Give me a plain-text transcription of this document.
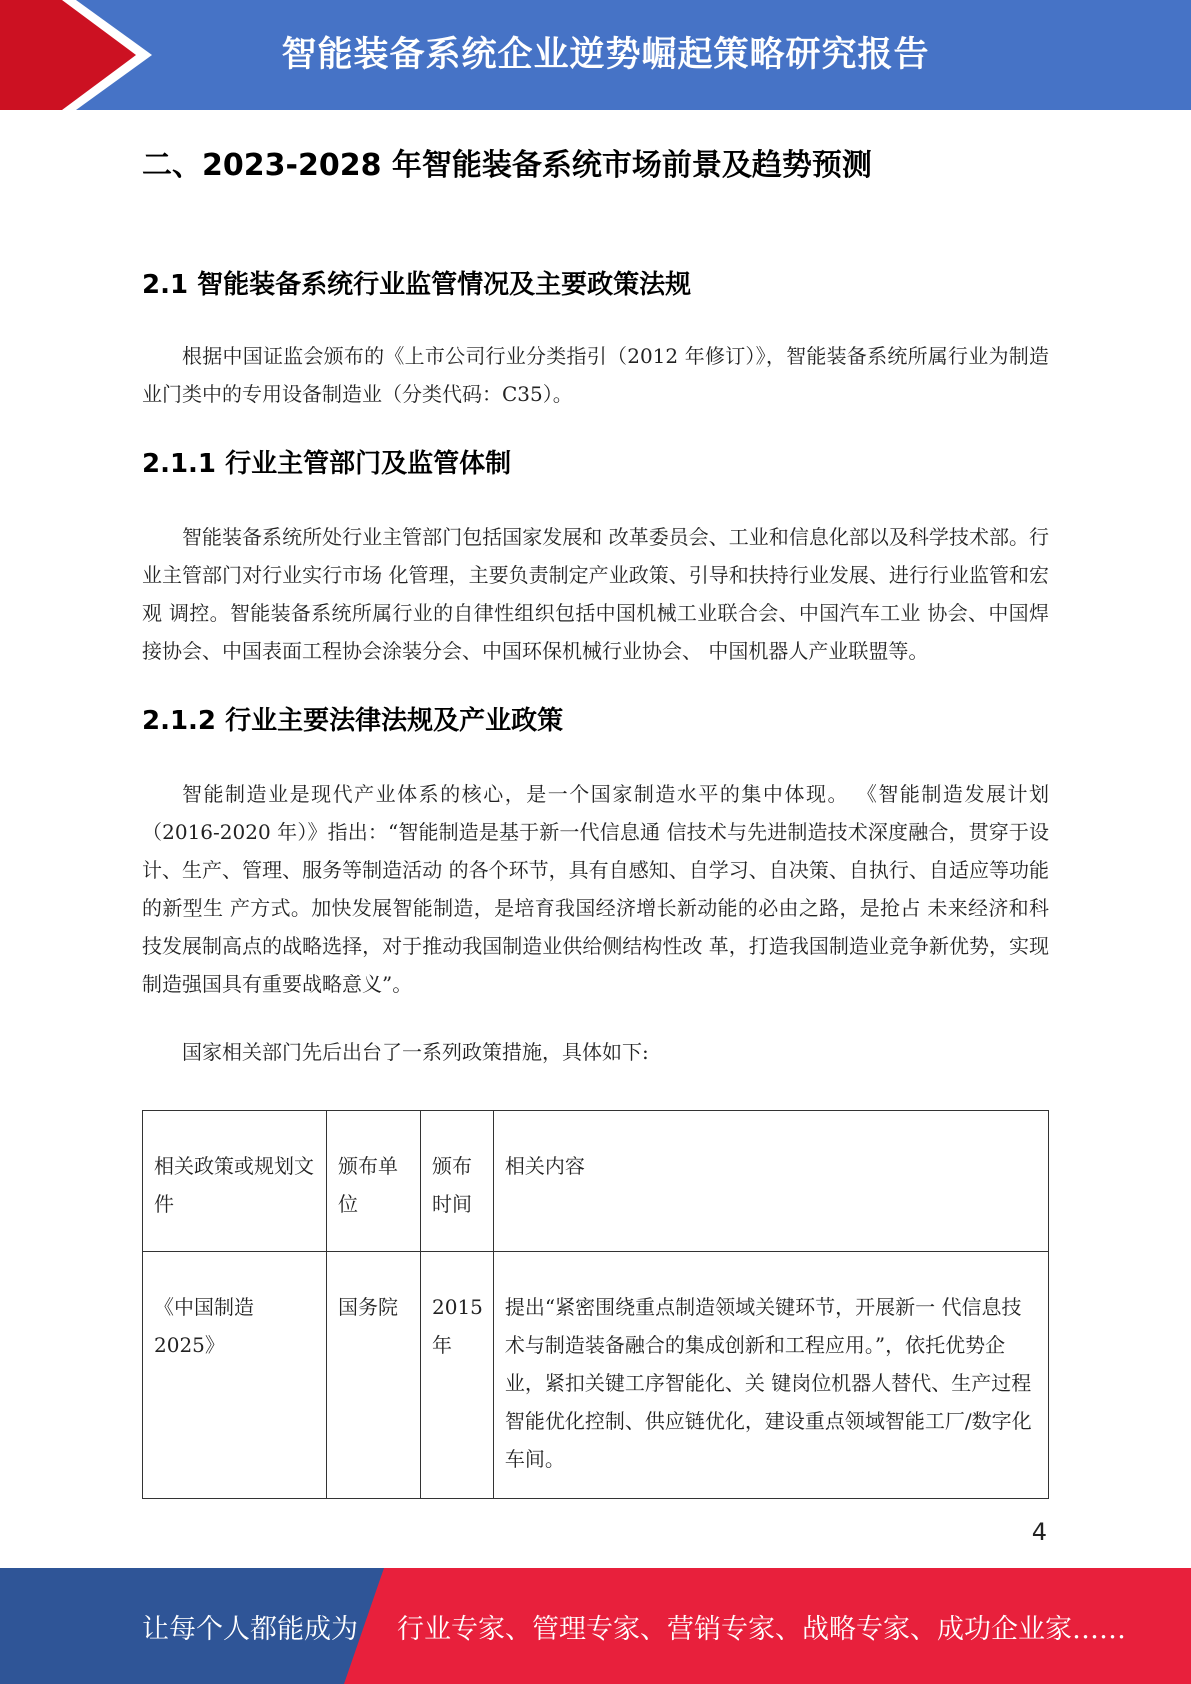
智能装备系统企业逆势崛起策略研究报告
二、2023-2028 年智能装备系统市场前景及趋势预测
2.1 智能装备系统行业监管情况及主要政策法规

根据中国证监会颁布的《上市公司行业分类指引（2012 年修订）》，智能装备系统所属行业为制造业门类中的专用设备制造业（分类代码：C35）。

2.1.1 行业主管部门及监管体制

智能装备系统所处行业主管部门包括国家发展和 改革委员会、工业和信息化部以及科学技术部。行业主管部门对行业实行市场 化管理，主要负责制定产业政策、引导和扶持行业发展、进行行业监管和宏观 调控。智能装备系统所属行业的自律性组织包括中国机械工业联合会、中国汽车工业 协会、中国焊接协会、中国表面工程协会涂装分会、中国环保机械行业协会、 中国机器人产业联盟等。

2.1.2 行业主要法律法规及产业政策

智能制造业是现代产业体系的核心，是一个国家制造水平的集中体现。 《智能制造发展计划（2016-2020 年）》指出：“智能制造是基于新一代信息通 信技术与先进制造技术深度融合，贯穿于设计、生产、管理、服务等制造活动 的各个环节，具有自感知、自学习、自决策、自执行、自适应等功能的新型生 产方式。加快发展智能制造，是培育我国经济增长新动能的必由之路，是抢占 未来经济和科技发展制高点的战略选择，对于推动我国制造业供给侧结构性改 革，打造我国制造业竞争新优势，实现制造强国具有重要战略意义”。

国家相关部门先后出台了一系列政策措施，具体如下:

相关政策或规划文件	颁布单位	颁布时间	相关内容
《中国制造 2025》	国务院	2015 年	提出“紧密围绕重点制造领域关键环节，开展新一 代信息技术与制造装备融合的集成创新和工程应用。”，依托优势企业，紧扣关键工序智能化、关 键岗位机器人替代、生产过程智能优化控制、供应链优化，建设重点领域智能工厂/数字化车间。
4
让每个人都能成为 行业专家、管理专家、营销专家、战略专家、成功企业家……
